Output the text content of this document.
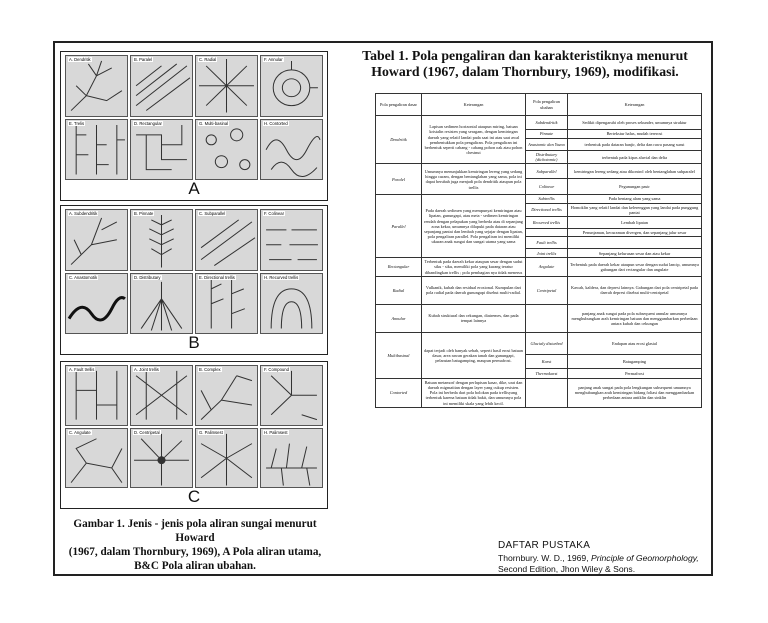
A. Dendritik	B. Paralel	C. Radial	F. Annular
E. Trelis	D. Rectangular	G. Multi-basinal	H. Contorted
A
A. Subdendritik	B. Pinnate	C. Subparallel	F. Colinear
C. Anastomotik	D. Distributary	E. Directional trellis	H. Recurved trellis
B
A. Fault trellis	A. Joint trellis	B. Complex	F. Compound
C. Angulate	D. Centripetal	G. Palimsest	H. Palimsest
C
Gambar 1. Jenis - jenis pola aliran sungai menurut Howard
(1967, dalam Thornbury, 1969), A Pola aliran utama,
B&C Pola aliran ubahan.
Tabel 1. Pola pengaliran dan karakteristiknya menurut
Howard (1967, dalam Thornbury, 1969), modifikasi.
Pola pengaliran dasar	Keterangan	Pola pengaliran ubahan	Keterangan
Dendritik	Lapisan sedimen horizontal ataupun miring, batuan kristalin resisten yang seragam, dengan kemiringan daerah yang relatif landai pada saat ini atau saat awal pembentukkan pola pengaliran. Pola pengaliran ini berbentuk seperti cabang - cabang pohon oak atau pohon chestnut	Subdendritik	Sedikit dipengaruhi oleh proses sekunder, umumnya struktur
		Pinnate	Bertekstur halus, mudah tererosi
		Anastomic dan Yazoo	terbentuk pada dataran banjir, delta dan rawa pasang surut
		Distributary (dichotomic)	terbentuk pada kipas aluvial dan delta
Paralel	Umumnya menunjukkan kemiringan lereng yang sedang hingga curam, dengan bentanglahan yang sama, pola ini dapat berubah juga menjadi pola dendritik ataupun pola trellis	Subparallel	kemiringan lereng sedang atau dikontrol oleh bentanglahan subparalel
		Colinear	Pegunungan pasir
Parallel	Pada daerah sedimen yang mempunyai kemiringan atau lipatan, gunungapi, atau meta - sedimen kemiringan rendah dengan pelapukan yang berbeda atau di sepanjang zona kekar, umumnya dilapuki pada dataran atau sepanjang pantai dan lembah yang sejajar dengan lipatan, pola pengaliran parallel. Pola pengaliran ini memiliki ukuran anak sungai dan sungai utama yang sama	Subtrellis	Pada bentang alam yang sama
		Directional trellis	Homoklin yang relatif landai dan kelerenggan yang landai pada punggung pantai
		Recurved trellis	Lembah lipatan
			Penunjaman, kecuraman divergen, dan sepanjang jalur sesar
		Fault trellis	
		Joint trellis	Sepanjang kelurusan sesar dan atau kekar
Rectangular	Terbentuk pada daerah kekar ataupun sesar dengan sudut siku - siku, memiliki pola yang kurang teratur dibandingkan trellis ; pola pembagian nya tidak menerus	Angulate	Terbentuk pada daerah kekar ataupun sesar dengan sudut lancip, umumnya gabungan dari rectangular dan angulate
Radial	Vulkanik, kubah dan residual erosional. Kumpulan dari pola radial pada daerah gunungapi disebut multi-radial.	Centripetal	Kawah, kaldera, dan depresi lainnya. Gabungan dari pola centripetal pada daerah depresi disebut multi-centripetal
Annular	Kubah struktural dan cekungan, diatremes, dan pada tempat lainnya		panjang anak sungai pada pola subsequent annular umumnya menghubungkan arah kemiringan batuan dan menggambarkan perbedaan antara kubah dan cekungan
Multibasinal	dapat terjadi oleh banyak sebab, seperti hasil erosi batuan dasar, area rawan gerakan tanah dan gunungapi, pelarutan batugamping, maupun permafrost.	Glacialy disturbed	Endapan atau erosi glasial
		Karst	Batugamping
		Thermokarst	Permafrost
Contorted	Batuan metamorf dengan perlapisan kasar, dike, urat dan daerah migmatitan dengan layer yang cukup resisten. Pola ini berbeda dari pola bolokan pada trellisyang terbentuk karena batuan tidak bakit, dan umumnya pola ini memiliki skala yang lebih kecil.		panjang anak sungai pada pola lengkungan subsequent umumnya menghubungkan arah kemiringan bidang foliasi dan menggambarkan perbedaan antara antiklin dan sinklin
DAFTAR PUSTAKA
Thornbury. W. D., 1969, Principle of Geomorphology,
Second Edition, Jhon Wiley & Sons.
